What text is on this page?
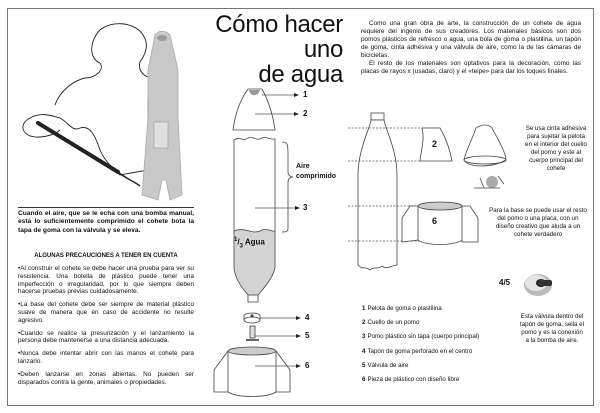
Cómo hacer uno
de agua

Como una gran obra de arte, la construcción de un cohete de agua requiere del ingenio de sus creadores. Los materiales básicos son dos pomos plásticos de refresco o agua, una bola de goma o plastilina, un tapón de goma, cinta adhesiva y una válvula de aire, como la de las cámaras de bicicletas.

El resto de los materiales son optativos para la decoración, como las placas de rayos x (usadas, claro) y el «teipe» para dar los toques finales.

Cuando el aire, que se le echa con una bomba manual, está lo suficientemente comprimido el cohete bota la tapa de goma con la válvula y se eleva.
ALGUNAS PRECAUCIONES A TENER EN CUENTA
•Al construir el cohete se debe hacer una prueba para ver su resistencia. Una botella de plástico puede tener una imperfección o irregularidad, por lo que siempre deben hacerse pruebas previas cuidadosamente.
•La base del cohete debe ser siempre de material plástico suave de manera que en caso de accidente no resulte agresivo.
•Cuando se realice la presurización y el lanzamiento la persona debe mantenerse a una distancia adecuada.
•Nunca debe intentar abrir con las manos el cohete para lanzarlo.
•Deben lanzarse en zonas abiertas. No pueden ser disparados contra la gente, animales o propiedades.
1
2
3
4
5
6
Aire
comprimido
$^1/_3$ Agua
2
6
4/5
Se usa cinta adhesiva para sujetar la pelota en el interior del cuello del pomo y este al cuerpo principal del cohete
Para la base se puede usar el resto del pomo o una placa, con un diseño creativo que aluda a un cohete verdadero
Esta válvula dentro del tapón de goma, sella el pomo y es la conexión a la bomba de aire.
1 Pelota de goma o plastilina
2 Cuello de un pomo
3 Pomo plástico sin tapa (cuerpo principal)
4 Tapón de goma perforado en el centro
5 Válvula de aire
6 Pieza de plástico con diseño libre
